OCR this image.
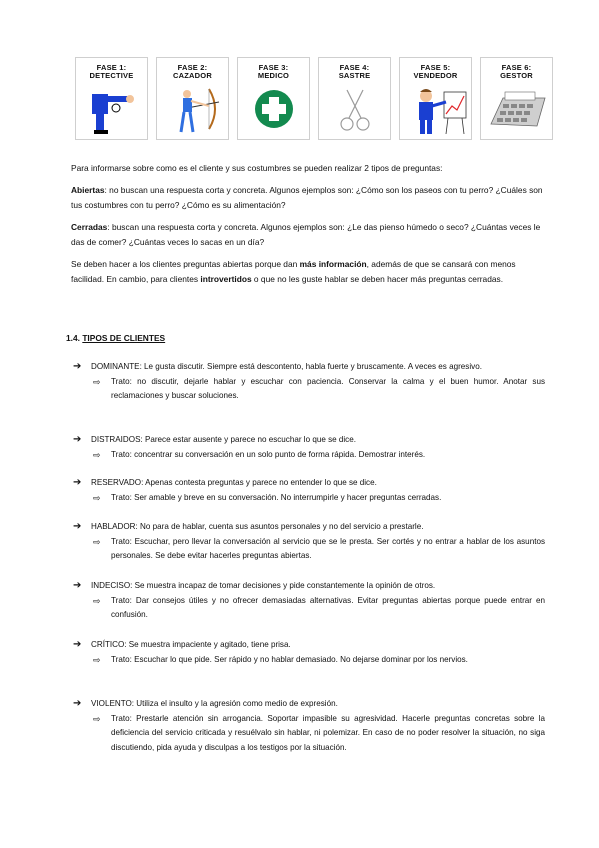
FASE 1:
DETECTIVE
FASE 2:
CAZADOR
FASE 3:
MEDICO
FASE 4:
SASTRE
FASE 5:
VENDEDOR
FASE 6:
GESTOR

Para informarse sobre como es el cliente y sus costumbres se pueden realizar 2 tipos de preguntas:

Abiertas: no buscan una respuesta corta y concreta. Algunos ejemplos son: ¿Cómo son los paseos con tu perro? ¿Cuáles son tus costumbres con tu perro? ¿Cómo es su alimentación?

Cerradas: buscan una respuesta corta y concreta. Algunos ejemplos son: ¿Le das pienso húmedo o seco? ¿Cuántas veces le das de comer? ¿Cuántas veces lo sacas en un día?

Se deben hacer a los clientes preguntas abiertas porque dan más información, además de que se cansará con menos facilidad. En cambio, para clientes introvertidos o que no les guste hablar se deben hacer más preguntas cerradas.

1.4. TIPOS DE CLIENTES
➔ DOMINANTE: Le gusta discutir. Siempre está descontento, habla fuerte y bruscamente. A veces es agresivo.
⇨ Trato: no discutir, dejarle hablar y escuchar con paciencia. Conservar la calma y el buen humor. Anotar sus reclamaciones y buscar soluciones.
➔ DISTRAIDOS: Parece estar ausente y parece no escuchar lo que se dice.
⇨ Trato: concentrar su conversación en un solo punto de forma rápida. Demostrar interés.
➔ RESERVADO: Apenas contesta preguntas y parece no entender lo que se dice.
⇨ Trato: Ser amable y breve en su conversación. No interrumpirle y hacer preguntas cerradas.
➔ HABLADOR: No para de hablar, cuenta sus asuntos personales y no del servicio a prestarle.
⇨ Trato: Escuchar, pero llevar la conversación al servicio que se le presta. Ser cortés y no entrar a hablar de los asuntos personales. Se debe evitar hacerles preguntas abiertas.
➔ INDECISO: Se muestra incapaz de tomar decisiones y pide constantemente la opinión de otros.
⇨ Trato: Dar consejos útiles y no ofrecer demasiadas alternativas. Evitar preguntas abiertas porque puede entrar en confusión.
➔ CRÍTICO: Se muestra impaciente y agitado, tiene prisa.
⇨ Trato: Escuchar lo que pide. Ser rápido y no hablar demasiado. No dejarse dominar por los nervios.
➔ VIOLENTO: Utiliza el insulto y la agresión como medio de expresión.
⇨ Trato: Prestarle atención sin arrogancia. Soportar impasible su agresividad. Hacerle preguntas concretas sobre la deficiencia del servicio criticada y resuélvalo sin hablar, ni polemizar. En caso de no poder resolver la situación, no siga discutiendo, pida ayuda y disculpas a los testigos por la situación.
